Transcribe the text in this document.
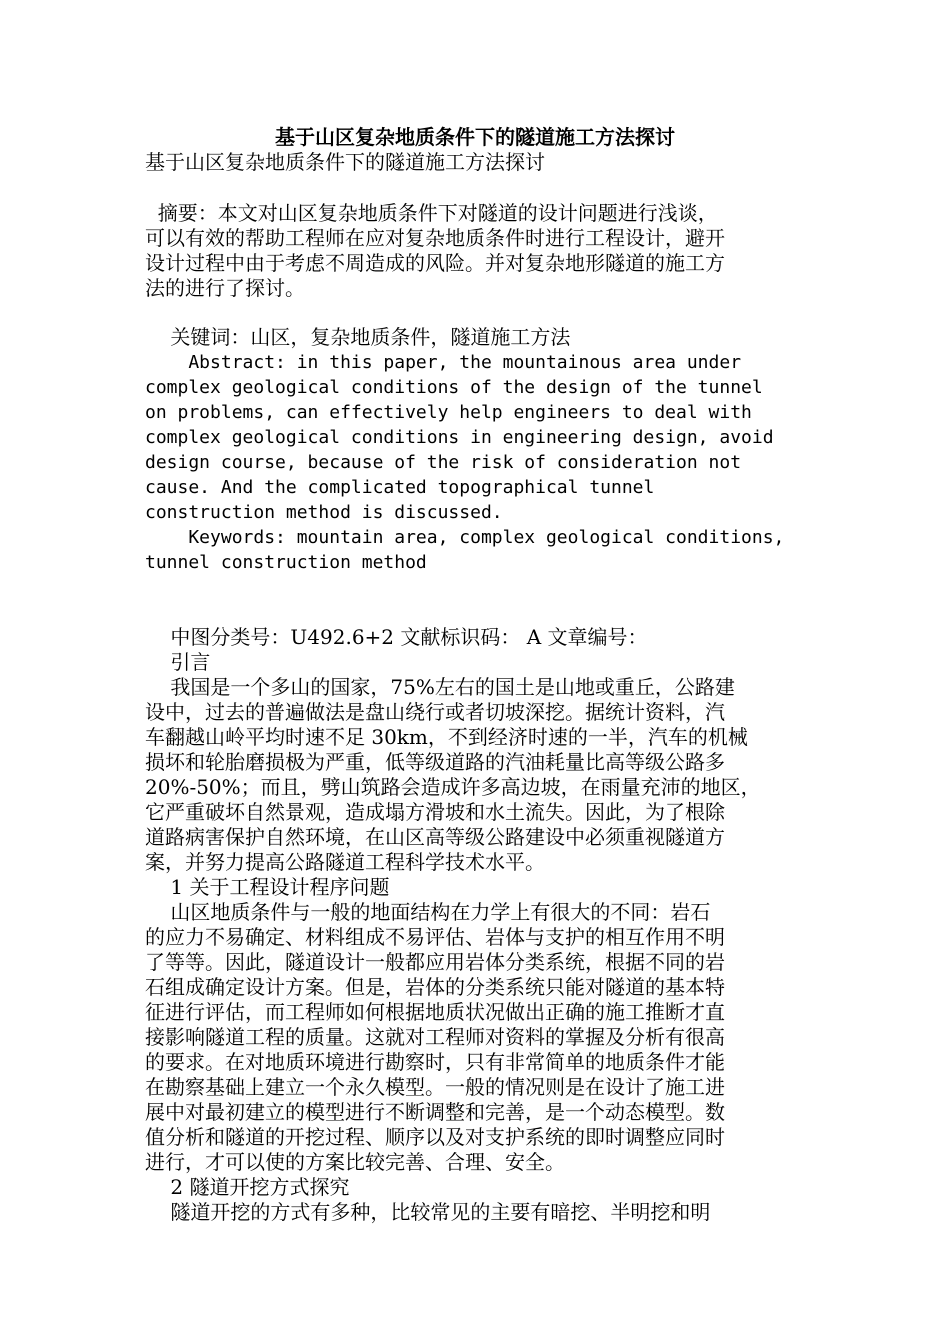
基于山区复杂地质条件下的隧道施工方法探讨
基于山区复杂地质条件下的隧道施工方法探讨
摘要：本文对山区复杂地质条件下对隧道的设计问题进行浅谈，
可以有效的帮助工程师在应对复杂地质条件时进行工程设计，避开
设计过程中由于考虑不周造成的风险。并对复杂地形隧道的施工方
法的进行了探讨。
关键词：山区，复杂地质条件，隧道施工方法
Abstract: in this paper, the mountainous area under
complex geological conditions of the design of the tunnel
on problems, can effectively help engineers to deal with
complex geological conditions in engineering design, avoid
design course, because of the risk of consideration not
cause. And the complicated topographical tunnel
construction method is discussed.
Keywords: mountain area, complex geological conditions,
tunnel construction method
中图分类号：U492.6+2 文献标识码： A 文章编号：
引言
我国是一个多山的国家，75%左右的国土是山地或重丘，公路建
设中，过去的普遍做法是盘山绕行或者切坡深挖。据统计资料，汽
车翻越山岭平均时速不足 30km，不到经济时速的一半，汽车的机械
损坏和轮胎磨损极为严重，低等级道路的汽油耗量比高等级公路多
20%-50%；而且，劈山筑路会造成许多高边坡，在雨量充沛的地区，
它严重破坏自然景观，造成塌方滑坡和水土流失。因此，为了根除
道路病害保护自然环境，在山区高等级公路建设中必须重视隧道方
案，并努力提高公路隧道工程科学技术水平。
1 关于工程设计程序问题
山区地质条件与一般的地面结构在力学上有很大的不同：岩石
的应力不易确定、材料组成不易评估、岩体与支护的相互作用不明
了等等。因此，隧道设计一般都应用岩体分类系统，根据不同的岩
石组成确定设计方案。但是，岩体的分类系统只能对隧道的基本特
征进行评估，而工程师如何根据地质状况做出正确的施工推断才直
接影响隧道工程的质量。这就对工程师对资料的掌握及分析有很高
的要求。在对地质环境进行勘察时，只有非常简单的地质条件才能
在勘察基础上建立一个永久模型。一般的情况则是在设计了施工进
展中对最初建立的模型进行不断调整和完善，是一个动态模型。数
值分析和隧道的开挖过程、顺序以及对支护系统的即时调整应同时
进行，才可以使的方案比较完善、合理、安全。
2 隧道开挖方式探究
隧道开挖的方式有多种，比较常见的主要有暗挖、半明挖和明
